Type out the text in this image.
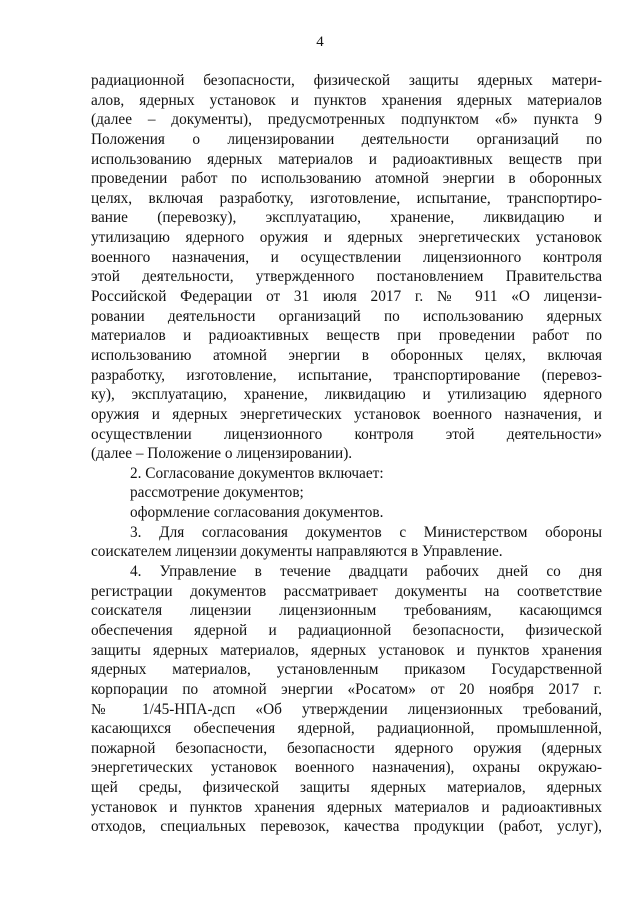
4
радиационной безопасности, физической защиты ядерных матери-
алов, ядерных установок и пунктов хранения ядерных материалов
(далее – документы), предусмотренных подпунктом «б» пункта 9
Положения о лицензировании деятельности организаций по
использованию ядерных материалов и радиоактивных веществ при
проведении работ по использованию атомной энергии в оборонных
целях, включая разработку, изготовление, испытание, транспортиро-
вание (перевозку), эксплуатацию, хранение, ликвидацию и
утилизацию ядерного оружия и ядерных энергетических установок
военного назначения, и осуществлении лицензионного контроля
этой деятельности, утвержденного постановлением Правительства
Российской Федерации от 31 июля 2017 г. № 911 «О лицензи-
ровании деятельности организаций по использованию ядерных
материалов и радиоактивных веществ при проведении работ по
использованию атомной энергии в оборонных целях, включая
разработку, изготовление, испытание, транспортирование (перевоз-
ку), эксплуатацию, хранение, ликвидацию и утилизацию ядерного
оружия и ядерных энергетических установок военного назначения, и
осуществлении лицензионного контроля этой деятельности»
(далее – Положение о лицензировании).
2. Согласование документов включает:
рассмотрение документов;
оформление согласования документов.
3. Для согласования документов с Министерством обороны
соискателем лицензии документы направляются в Управление.
4. Управление в течение двадцати рабочих дней со дня
регистрации документов рассматривает документы на соответствие
соискателя лицензии лицензионным требованиям, касающимся
обеспечения ядерной и радиационной безопасности, физической
защиты ядерных материалов, ядерных установок и пунктов хранения
ядерных материалов, установленным приказом Государственной
корпорации по атомной энергии «Росатом» от 20 ноября 2017 г.
№ 1/45-НПА-дсп «Об утверждении лицензионных требований,
касающихся обеспечения ядерной, радиационной, промышленной,
пожарной безопасности, безопасности ядерного оружия (ядерных
энергетических установок военного назначения), охраны окружаю-
щей среды, физической защиты ядерных материалов, ядерных
установок и пунктов хранения ядерных материалов и радиоактивных
отходов, специальных перевозок, качества продукции (работ, услуг),
